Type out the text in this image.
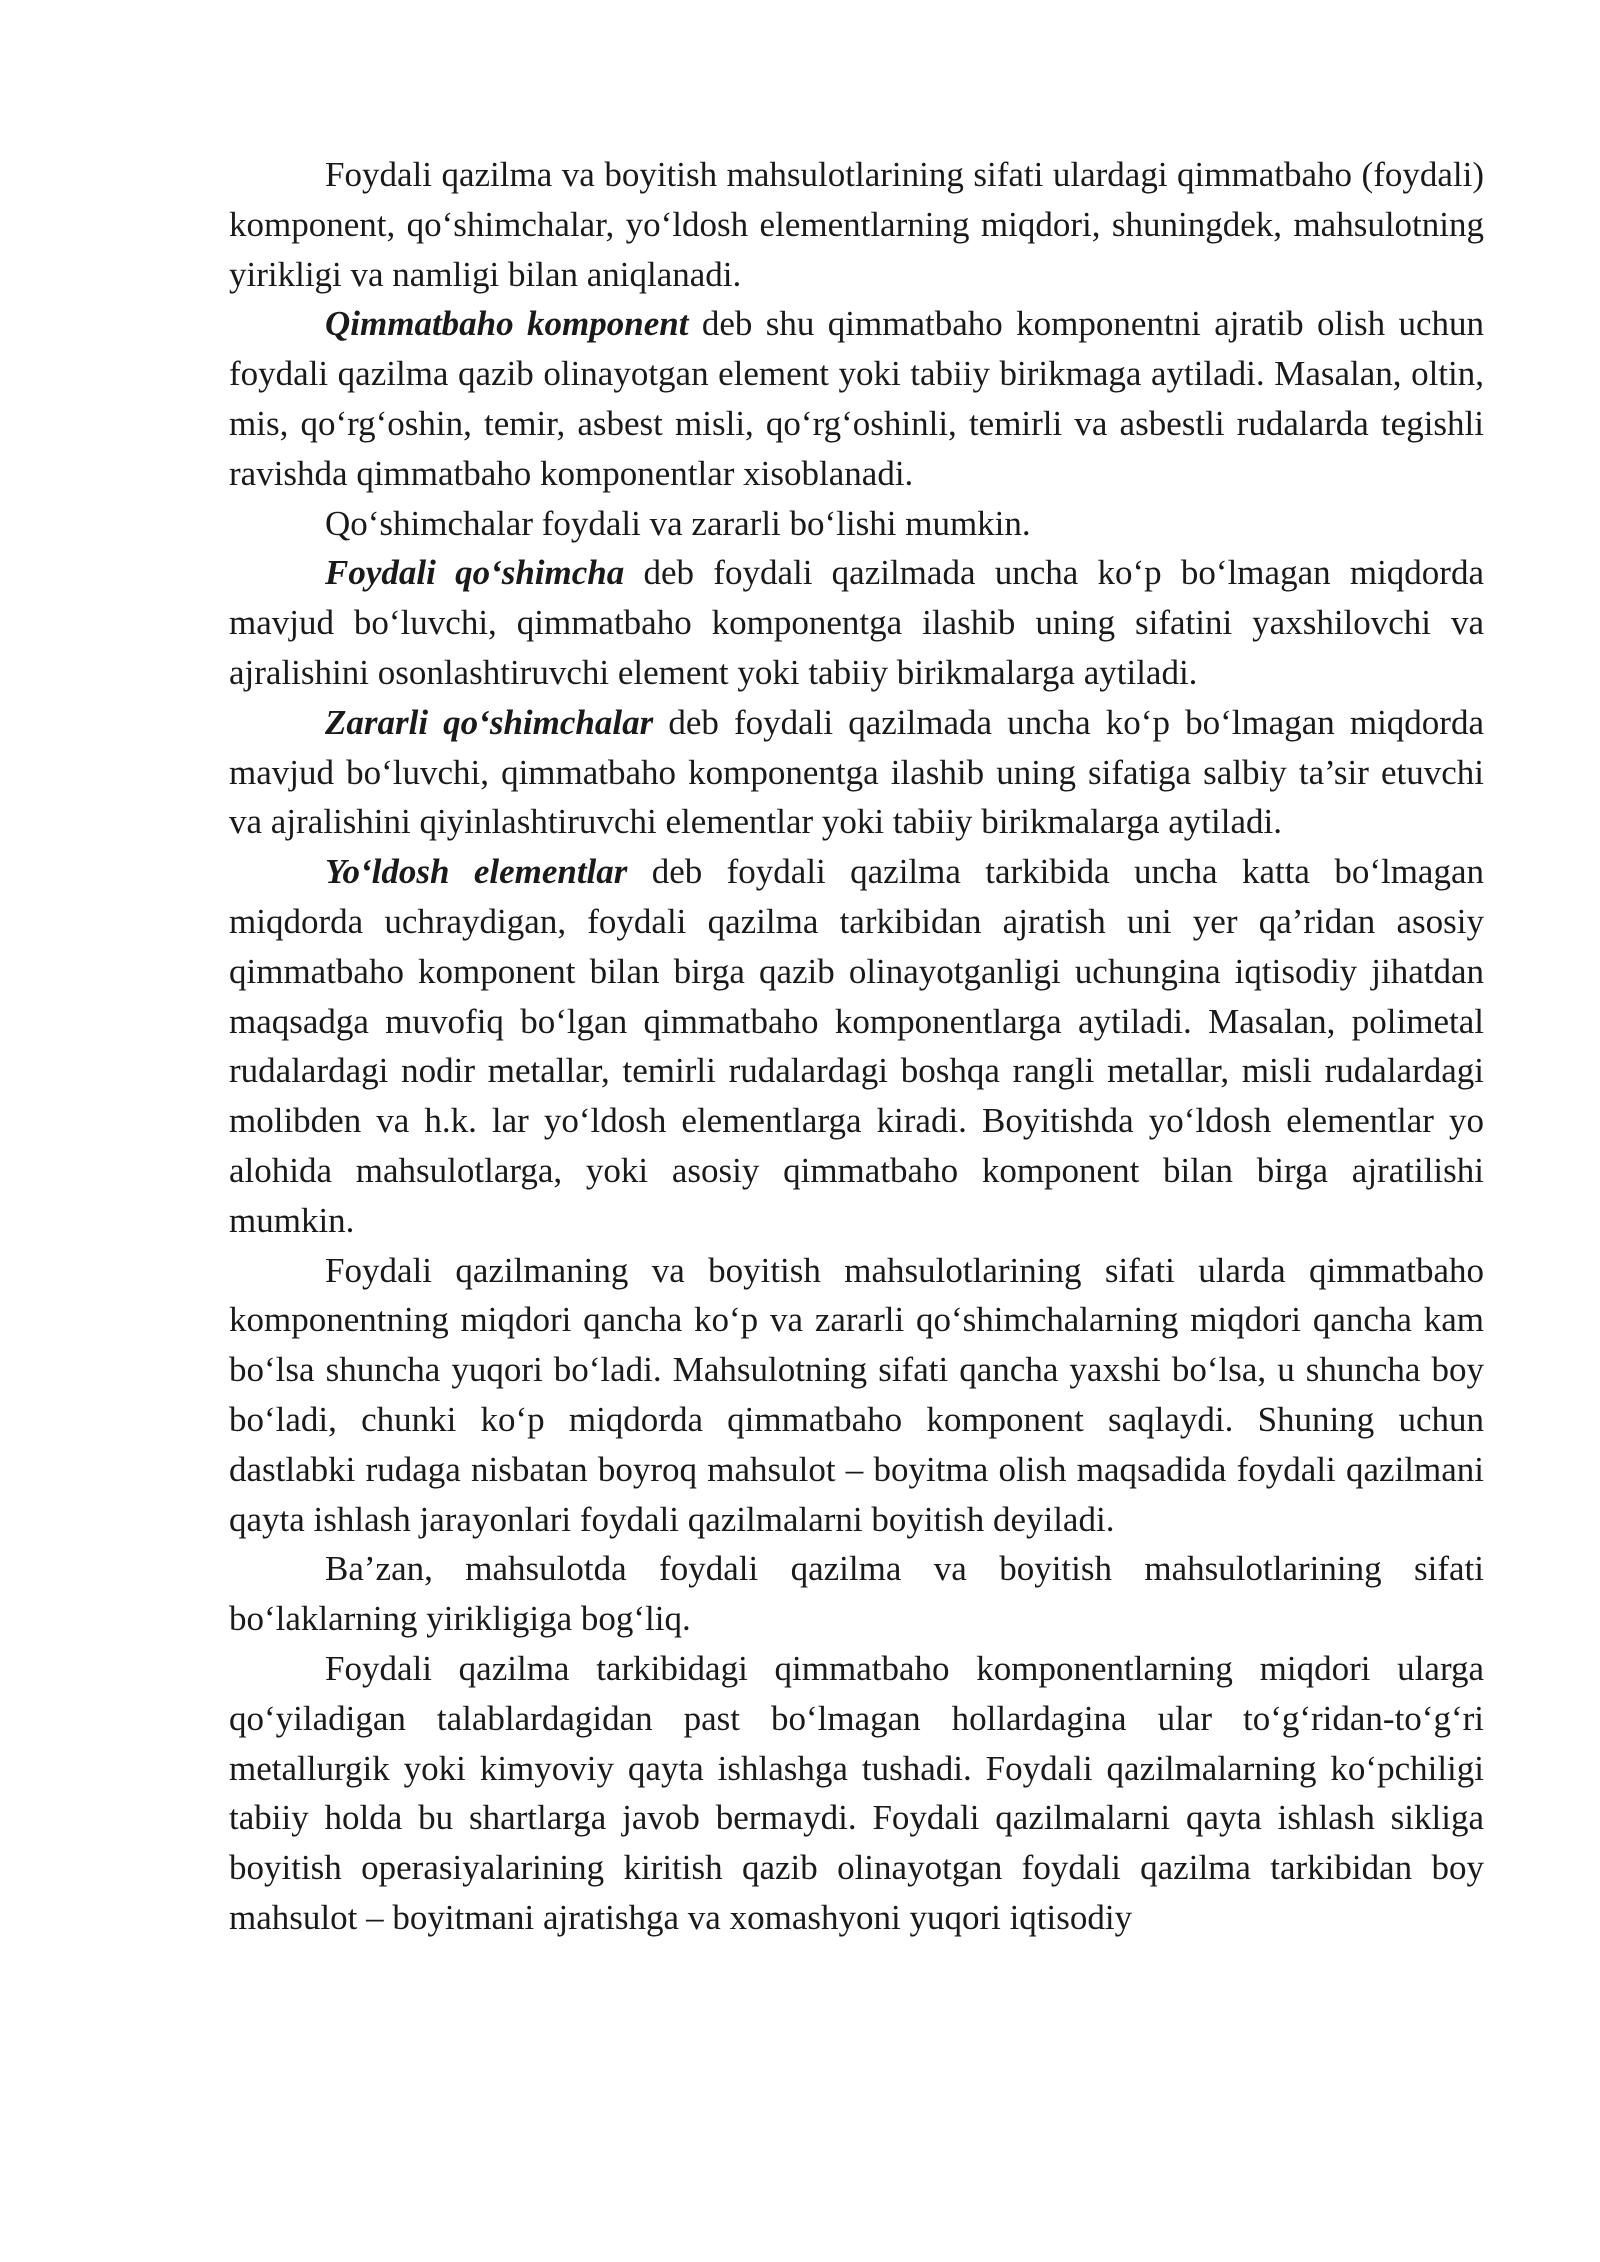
Foydali qazilma va boyitish mahsulotlarining sifati ulardagi qimmatbaho (foydali) komponent, qo‘shimchalar, yo‘ldosh elementlarning miqdori, shuningdek, mahsulotning yirikligi va namligi bilan aniqlanadi.

Qimmatbaho komponent deb shu qimmatbaho komponentni ajratib olish uchun foydali qazilma qazib olinayotgan element yoki tabiiy birikmaga aytiladi. Masalan, oltin, mis, qo‘rg‘oshin, temir, asbest misli, qo‘rg‘oshinli, temirli va asbestli rudalarda tegishli ravishda qimmatbaho komponentlar xisoblanadi.

Qo‘shimchalar foydali va zararli bo‘lishi mumkin.

Foydali qo‘shimcha deb foydali qazilmada uncha ko‘p bo‘lmagan miqdorda mavjud bo‘luvchi, qimmatbaho komponentga ilashib uning sifatini yaxshilovchi va ajralishini osonlashtiruvchi element yoki tabiiy birikmalarga aytiladi.

Zararli qo‘shimchalar deb foydali qazilmada uncha ko‘p bo‘lmagan miqdorda mavjud bo‘luvchi, qimmatbaho komponentga ilashib uning sifatiga salbiy ta’sir etuvchi va ajralishini qiyinlashtiruvchi elementlar yoki tabiiy birikmalarga aytiladi.

Yo‘ldosh elementlar deb foydali qazilma tarkibida uncha katta bo‘lmagan miqdorda uchraydigan, foydali qazilma tarkibidan ajratish uni yer qa’ridan asosiy qimmatbaho komponent bilan birga qazib olinayotganligi uchungina iqtisodiy jihatdan maqsadga muvofiq bo‘lgan qimmatbaho komponentlarga aytiladi. Masalan, polimetal rudalardagi nodir metallar, temirli rudalardagi boshqa rangli metallar, misli rudalardagi molibden va h.k. lar yo‘ldosh elementlarga kiradi. Boyitishda yo‘ldosh elementlar yo alohida mahsulotlarga, yoki asosiy qimmatbaho komponent bilan birga ajratilishi mumkin.

Foydali qazilmaning va boyitish mahsulotlarining sifati ularda qimmatbaho komponentning miqdori qancha ko‘p va zararli qo‘shimchalarning miqdori qancha kam bo‘lsa shuncha yuqori bo‘ladi. Mahsulotning sifati qancha yaxshi bo‘lsa, u shuncha boy bo‘ladi, chunki ko‘p miqdorda qimmatbaho komponent saqlaydi. Shuning uchun dastlabki rudaga nisbatan boyroq mahsulot – boyitma olish maqsadida foydali qazilmani qayta ishlash jarayonlari foydali qazilmalarni boyitish deyiladi.

Ba’zan, mahsulotda foydali qazilma va boyitish mahsulotlarining sifati bo‘laklarning yirikligiga bog‘liq.

Foydali qazilma tarkibidagi qimmatbaho komponentlarning miqdori ularga qo‘yiladigan talablardagidan past bo‘lmagan hollardagina ular to‘g‘ridan-to‘g‘ri metallurgik yoki kimyoviy qayta ishlashga tushadi. Foydali qazilmalarning ko‘pchiligi tabiiy holda bu shartlarga javob bermaydi. Foydali qazilmalarni qayta ishlash sikliga boyitish operasiyalarining kiritish qazib olinayotgan foydali qazilma tarkibidan boy mahsulot – boyitmani ajratishga va xomashyoni yuqori iqtisodiy
